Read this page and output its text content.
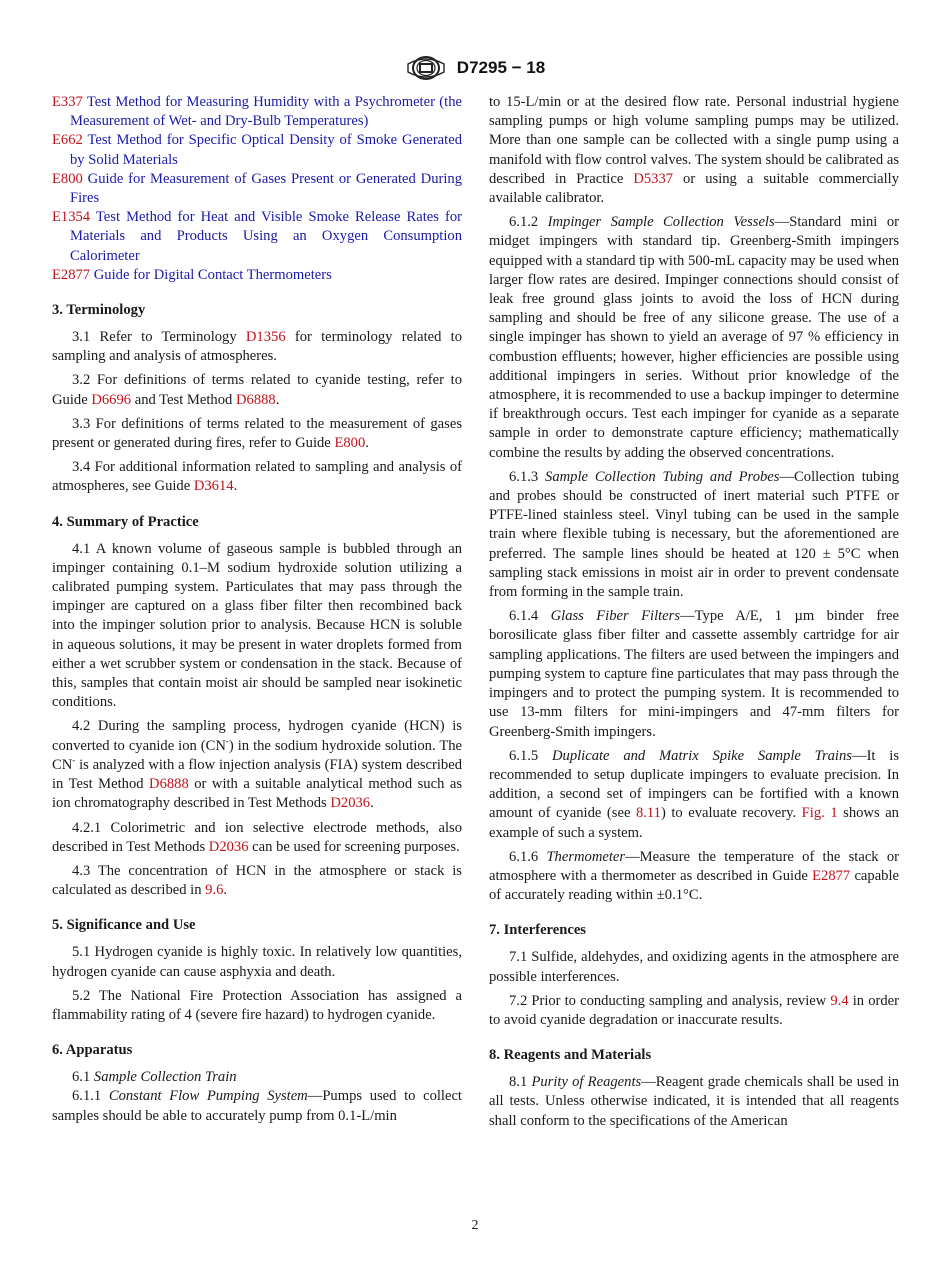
D7295 − 18
E337 Test Method for Measuring Humidity with a Psychrometer (the Measurement of Wet- and Dry-Bulb Temperatures)
E662 Test Method for Specific Optical Density of Smoke Generated by Solid Materials
E800 Guide for Measurement of Gases Present or Generated During Fires
E1354 Test Method for Heat and Visible Smoke Release Rates for Materials and Products Using an Oxygen Consumption Calorimeter
E2877 Guide for Digital Contact Thermometers
3. Terminology

3.1 Refer to Terminology D1356 for terminology related to sampling and analysis of atmospheres.

3.2 For definitions of terms related to cyanide testing, refer to Guide D6696 and Test Method D6888.

3.3 For definitions of terms related to the measurement of gases present or generated during fires, refer to Guide E800.

3.4 For additional information related to sampling and analysis of atmospheres, see Guide D3614.

4. Summary of Practice

4.1 A known volume of gaseous sample is bubbled through an impinger containing 0.1–M sodium hydroxide solution utilizing a calibrated pumping system. Particulates that may pass through the impinger are captured on a glass fiber filter then recombined back into the impinger solution prior to analysis. Because HCN is soluble in aqueous solutions, it may be present in water droplets formed from either a wet scrubber system or condensation in the stack. Because of this, samples that contain moist air should be sampled near isokinetic conditions.

4.2 During the sampling process, hydrogen cyanide (HCN) is converted to cyanide ion (CN-) in the sodium hydroxide solution. The CN- is analyzed with a flow injection analysis (FIA) system described in Test Method D6888 or with a suitable analytical method such as ion chromatography described in Test Methods D2036.

4.2.1 Colorimetric and ion selective electrode methods, also described in Test Methods D2036 can be used for screening purposes.

4.3 The concentration of HCN in the atmosphere or stack is calculated as described in 9.6.

5. Significance and Use

5.1 Hydrogen cyanide is highly toxic. In relatively low quantities, hydrogen cyanide can cause asphyxia and death.

5.2 The National Fire Protection Association has assigned a flammability rating of 4 (severe fire hazard) to hydrogen cyanide.

6. Apparatus

6.1 Sample Collection Train

6.1.1 Constant Flow Pumping System—Pumps used to collect samples should be able to accurately pump from 0.1-L/min

to 15-L/min or at the desired flow rate. Personal industrial hygiene sampling pumps or high volume sampling pumps may be utilized. More than one sample can be collected with a single pump using a manifold with flow control valves. The system should be calibrated as described in Practice D5337 or using a suitable commercially available calibrator.

6.1.2 Impinger Sample Collection Vessels—Standard mini or midget impingers with standard tip. Greenberg-Smith impingers equipped with a standard tip with 500-mL capacity may be used when larger flow rates are desired. Impinger connections should consist of leak free ground glass joints to avoid the loss of HCN during sampling and should be free of any silicone grease. The use of a single impinger has shown to yield an average of 97 % efficiency in combustion effluents; however, higher efficiencies are possible using additional impingers in series. Without prior knowledge of the atmosphere, it is recommended to use a backup impinger to determine if breakthrough occurs. Test each impinger for cyanide as a separate sample in order to demonstrate capture efficiency; mathematically combine the results by adding the observed concentrations.

6.1.3 Sample Collection Tubing and Probes—Collection tubing and probes should be constructed of inert material such PTFE or PTFE-lined stainless steel. Vinyl tubing can be used in the sample train where flexible tubing is necessary, but the aforementioned are preferred. The sample lines should be heated at 120 ± 5°C when sampling stack emissions in moist air in order to prevent condensate from forming in the sample train.

6.1.4 Glass Fiber Filters—Type A/E, 1 µm binder free borosilicate glass fiber filter and cassette assembly cartridge for air sampling applications. The filters are used between the impingers and pumping system to capture fine particulates that may pass through the impingers and to protect the pumping system. It is recommended to use 13-mm filters for mini-impingers and 47-mm filters for Greenberg-Smith impingers.

6.1.5 Duplicate and Matrix Spike Sample Trains—It is recommended to setup duplicate impingers to evaluate precision. In addition, a second set of impingers can be fortified with a known amount of cyanide (see 8.11) to evaluate recovery. Fig. 1 shows an example of such a system.

6.1.6 Thermometer—Measure the temperature of the stack or atmosphere with a thermometer as described in Guide E2877 capable of accurately reading within ±0.1°C.

7. Interferences

7.1 Sulfide, aldehydes, and oxidizing agents in the atmosphere are possible interferences.

7.2 Prior to conducting sampling and analysis, review 9.4 in order to avoid cyanide degradation or inaccurate results.

8. Reagents and Materials

8.1 Purity of Reagents—Reagent grade chemicals shall be used in all tests. Unless otherwise indicated, it is intended that all reagents shall conform to the specifications of the American

2
